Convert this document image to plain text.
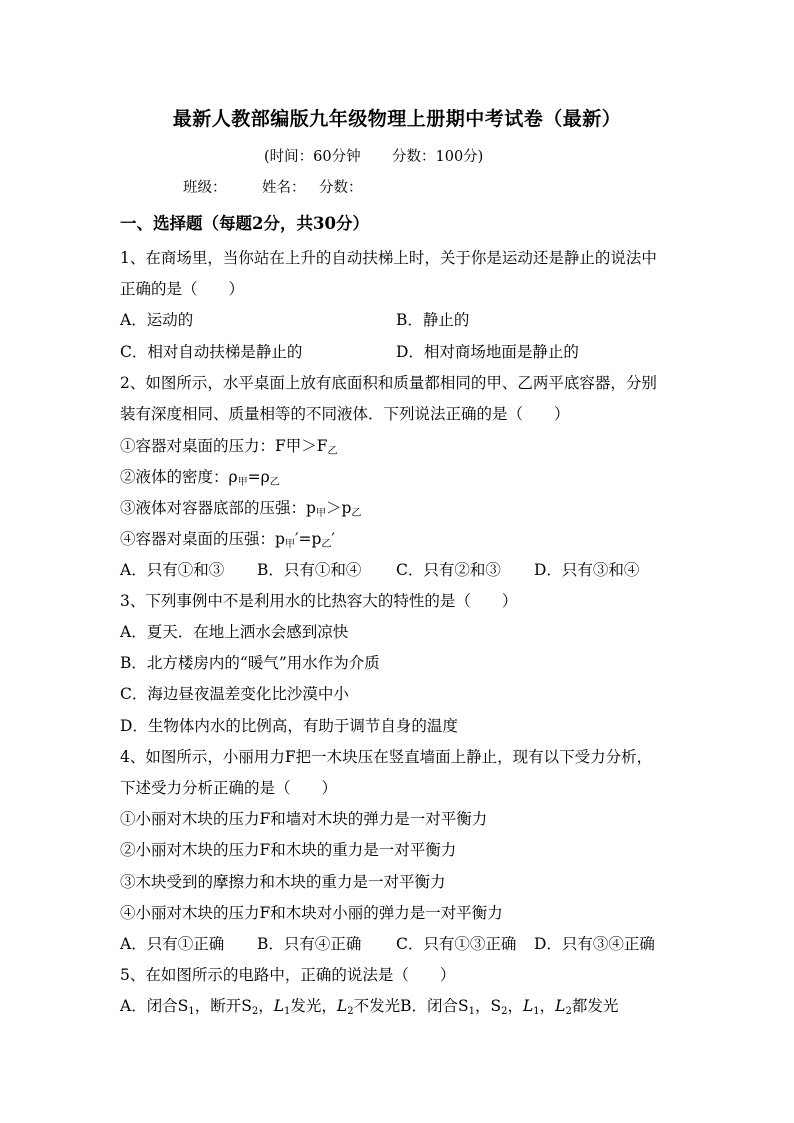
最新人教部编版九年级物理上册期中考试卷（最新）
(时间：60分钟 分数：100分)
班级： 姓名： 分数：
一、选择题（每题2分，共30分）
1、在商场里，当你站在上升的自动扶梯上时，关于你是运动还是静止的说法中
正确的是（　　）
A．运动的	B．静止的
C．相对自动扶梯是静止的	D．相对商场地面是静止的
2、如图所示，水平桌面上放有底面积和质量都相同的甲、乙两平底容器，分别
装有深度相同、质量相等的不同液体．下列说法正确的是（　　）
①容器对桌面的压力：F甲$>F_乙$
②液体的密度：$\rho_甲=\rho_乙$
③液体对容器底部的压强：$p_甲>p_乙$
④容器对桌面的压强：$p_甲'=p_乙'$
A．只有①和③ B．只有①和④ C．只有②和③ D．只有③和④
3、下列事例中不是利用水的比热容大的特性的是（　　）
A．夏天．在地上洒水会感到凉快
B．北方楼房内的“暖气”用水作为介质
C．海边昼夜温差变化比沙漠中小
D．生物体内水的比例高，有助于调节自身的温度
4、如图所示，小丽用力F把一木块压在竖直墙面上静止，现有以下受力分析，
下述受力分析正确的是（　　）
①小丽对木块的压力F和墙对木块的弹力是一对平衡力
②小丽对木块的压力F和木块的重力是一对平衡力
③木块受到的摩擦力和木块的重力是一对平衡力
④小丽对木块的压力F和木块对小丽的弹力是一对平衡力
A．只有①正确 B．只有④正确 C．只有①③正确 D．只有③④正确
5、在如图所示的电路中，正确的说法是（　　）
A．闭合$S_1$，断开$S_2$，$L_1$发光，$L_2$不发光B．闭合$S_1$，$S_2$，$L_1$，$L_2$都发光
